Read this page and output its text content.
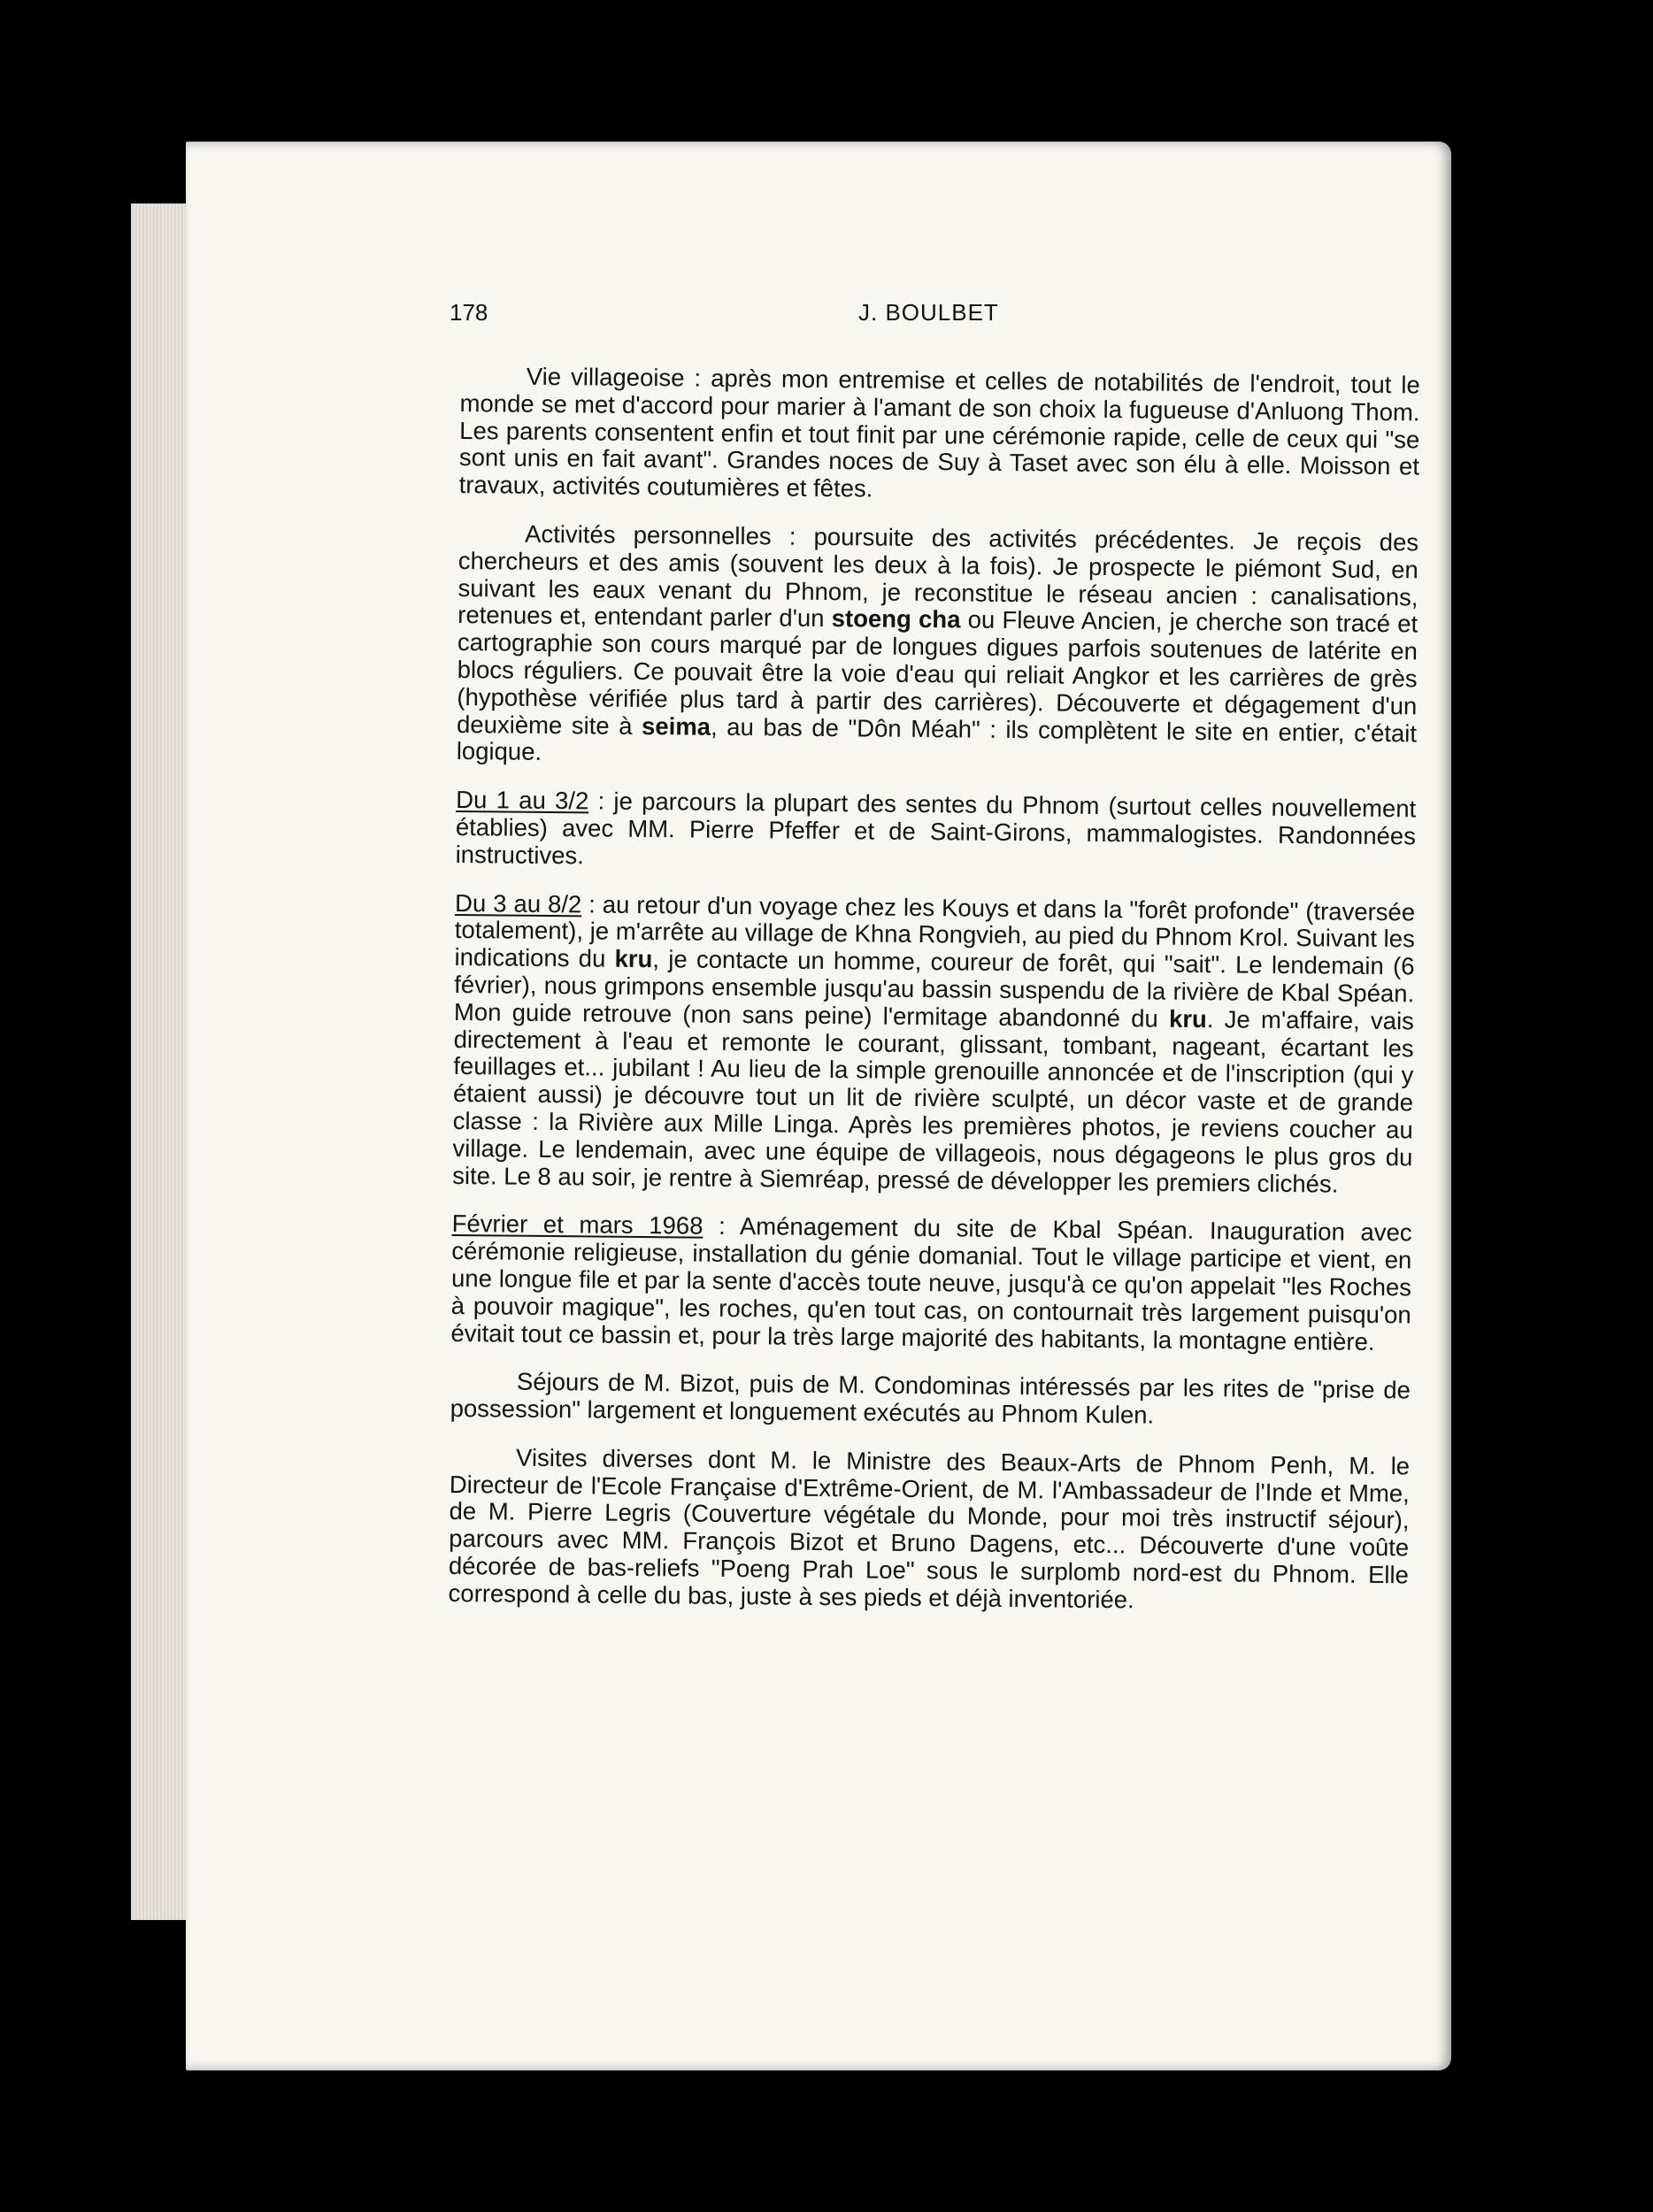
178	J. BOULBET

Vie villageoise : après mon entremise et celles de notabilités de l'endroit, tout le monde se met d'accord pour marier à l'amant de son choix la fugueuse d'Anluong Thom. Les parents consentent enfin et tout finit par une cérémonie rapide, celle de ceux qui "se sont unis en fait avant". Grandes noces de Suy à Taset avec son élu à elle. Moisson et travaux, activités coutumières et fêtes.

Activités personnelles : poursuite des activités précédentes. Je reçois des chercheurs et des amis (souvent les deux à la fois). Je prospecte le piémont Sud, en suivant les eaux venant du Phnom, je reconstitue le réseau ancien : canalisations, retenues et, entendant parler d'un stoeng cha ou Fleuve Ancien, je cherche son tracé et cartographie son cours marqué par de longues digues parfois soutenues de latérite en blocs réguliers. Ce pouvait être la voie d'eau qui reliait Angkor et les carrières de grès (hypothèse vérifiée plus tard à partir des carrières). Découverte et dégagement d'un deuxième site à seima, au bas de "Dôn Méah" : ils complètent le site en entier, c'était logique.

Du 1 au 3/2 : je parcours la plupart des sentes du Phnom (surtout celles nouvellement établies) avec MM. Pierre Pfeffer et de Saint-Girons, mammalogistes. Randonnées instructives.

Du 3 au 8/2 : au retour d'un voyage chez les Kouys et dans la "forêt profonde" (traversée totalement), je m'arrête au village de Khna Rongvieh, au pied du Phnom Krol. Suivant les indications du kru, je contacte un homme, coureur de forêt, qui "sait". Le lendemain (6 février), nous grimpons ensemble jusqu'au bassin suspendu de la rivière de Kbal Spéan. Mon guide retrouve (non sans peine) l'ermitage abandonné du kru. Je m'affaire, vais directement à l'eau et remonte le courant, glissant, tombant, nageant, écartant les feuillages et... jubilant ! Au lieu de la simple grenouille annoncée et de l'inscription (qui y étaient aussi) je découvre tout un lit de rivière sculpté, un décor vaste et de grande classe : la Rivière aux Mille Linga. Après les premières photos, je reviens coucher au village. Le lendemain, avec une équipe de villageois, nous dégageons le plus gros du site. Le 8 au soir, je rentre à Siemréap, pressé de développer les premiers clichés.

Février et mars 1968 : Aménagement du site de Kbal Spéan. Inauguration avec cérémonie religieuse, installation du génie domanial. Tout le village participe et vient, en une longue file et par la sente d'accès toute neuve, jusqu'à ce qu'on appelait "les Roches à pouvoir magique", les roches, qu'en tout cas, on contournait très largement puisqu'on évitait tout ce bassin et, pour la très large majorité des habitants, la montagne entière.

Séjours de M. Bizot, puis de M. Condominas intéressés par les rites de "prise de possession" largement et longuement exécutés au Phnom Kulen.

Visites diverses dont M. le Ministre des Beaux-Arts de Phnom Penh, M. le Directeur de l'Ecole Française d'Extrême-Orient, de M. l'Ambassadeur de l'Inde et Mme, de M. Pierre Legris (Couverture végétale du Monde, pour moi très instructif séjour), parcours avec MM. François Bizot et Bruno Dagens, etc... Découverte d'une voûte décorée de bas-reliefs "Poeng Prah Loe" sous le surplomb nord-est du Phnom. Elle correspond à celle du bas, juste à ses pieds et déjà inventoriée.
